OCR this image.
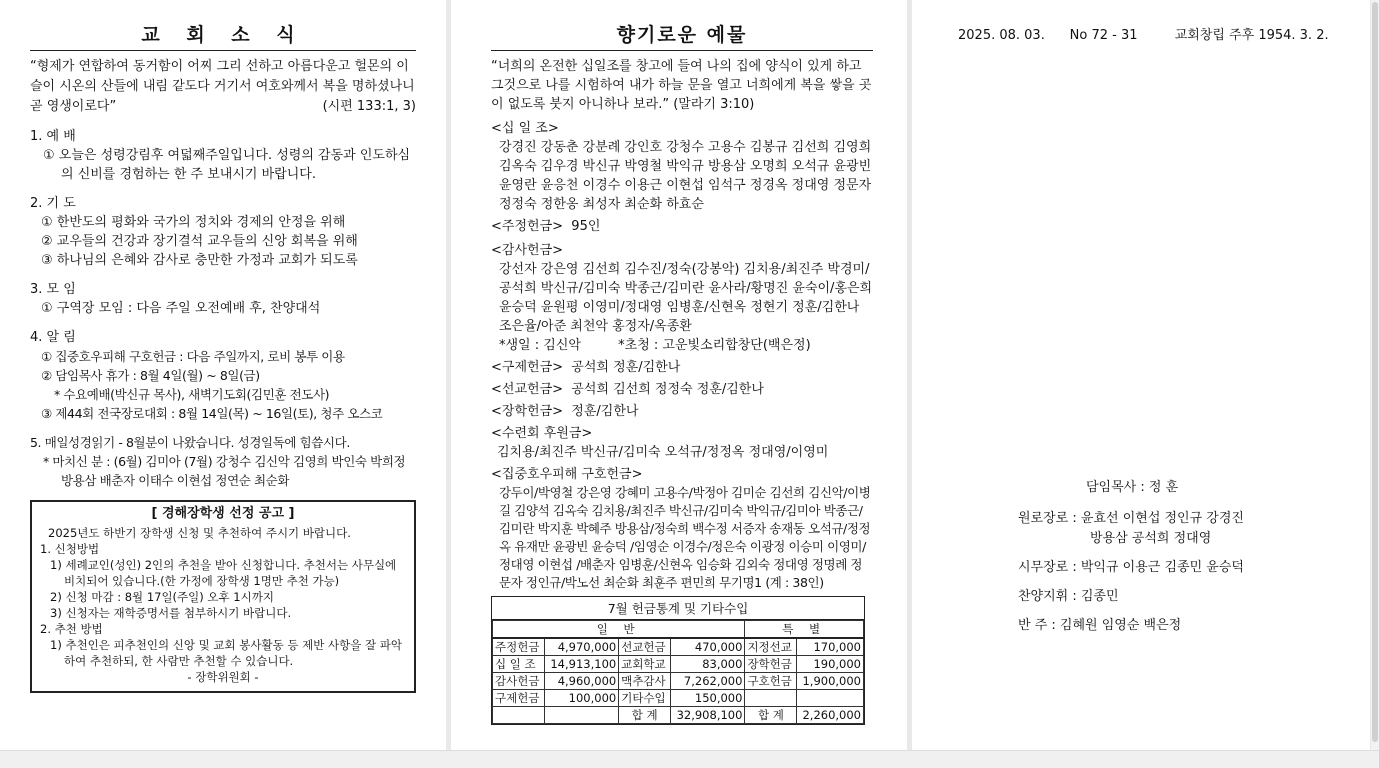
교 회 소 식
“형제가 연합하여 동거함이 어찌 그리 선하고 아름다운고 헐몬의 이슬이 시온의 산들에 내림 같도다 거기서 여호와께서 복을 명하셨나니 곧 영생이로다”	(시편 133:1, 3)
1. 예 배
① 오늘은 성령강림후 여덟째주일입니다. 성령의 감동과 인도하심의 신비를 경험하는 한 주 보내시기 바랍니다.
2. 기 도
① 한반도의 평화와 국가의 정치와 경제의 안정을 위해
② 교우들의 건강과 장기결석 교우들의 신앙 회복을 위해
③ 하나님의 은혜와 감사로 충만한 가정과 교회가 되도록
3. 모 임
① 구역장 모임 : 다음 주일 오전예배 후, 찬양대석
4. 알 림
① 집중호우피해 구호헌금 : 다음 주일까지, 로비 봉투 이용
② 담임목사 휴가 : 8월 4일(월) ~ 8일(금)
* 수요예배(박신규 목사), 새벽기도회(김민훈 전도사)
③ 제44회 전국장로대회 : 8월 14일(목) ~ 16일(토), 청주 오스코
5. 매일성경읽기 - 8월분이 나왔습니다. 성경일독에 힘씁시다.
* 마치신 분 : (6월) 김미아 (7월) 강청수 김신악 김영희 박인숙 박희정 방용삼 배춘자 이태수 이현섭 정연순 최순화
[ 경해장학생 선정 공고 ]
2025년도 하반기 장학생 신청 및 추천하여 주시기 바랍니다.
1. 신청방법
1) 세례교인(성인) 2인의 추천을 받아 신청합니다. 추천서는 사무실에 비치되어 있습니다.(한 가정에 장학생 1명만 추천 가능)
2) 신청 마감 : 8월 17일(주일) 오후 1시까지
3) 신청자는 재학증명서를 첨부하시기 바랍니다.
2. 추천 방법
1) 추천인은 피추천인의 신앙 및 교회 봉사활동 등 제반 사항을 잘 파악하여 추천하되, 한 사람만 추천할 수 있습니다.
- 장학위원회 -
향기로운 예물
“너희의 온전한 십일조를 창고에 들여 나의 집에 양식이 있게 하고 그것으로 나를 시험하여 내가 하늘 문을 열고 너희에게 복을 쌓을 곳이 없도록 붓지 아니하나 보라.” (말라기 3:10)
<십 일 조>
강경진 강동춘 강분례 강인호 강청수 고용수 김봉규 김선희 김영희 김옥숙 김우경 박신규 박영철 박익규 방용삼 오명희 오석규 윤광빈 윤영란 윤응천 이경수 이용근 이현섭 임석구 정경옥 정대영 정문자 정정숙 정한옹 최성자 최순화 하효순
<주정헌금> 95인
<감사헌금>
강선자 강은영 김선희 김수진/정숙(강봉악) 김치용/최진주 박경미/공석희 박신규/김미숙 박종근/김미란 윤사라/황명진 윤숙이/홍은희 윤승덕 윤원평 이영미/정대영 임병훈/신현옥 정현기 정훈/김한나 조은율/아준 최천악 홍정자/옥종환
*생일 : 김신악	*초청 : 고운빛소리합창단(백은정)
<구제헌금> 공석희 정훈/김한나
<선교헌금> 공석희 김선희 정정숙 정훈/김한나
<장학헌금> 정훈/김한나
<수련회 후원금>
김치용/최진주 박신규/김미숙 오석규/정정옥 정대영/이영미
<집중호우피해 구호헌금>
강두이/박영철 강은영 강혜미 고용수/박정아 김미순 김선희 김신악/이병길 김양석 김옥숙 김치용/최진주 박신규/김미숙 박익규/김미아 박종근/김미란 박지훈 박혜주 방용삼/정숙희 백수정 서증자 송재동 오석규/정정옥 유재만 윤광빈 윤승덕 /임영순 이경수/정은숙 이광정 이승미 이영미/정대영 이현섭 /배춘자 임병훈/신현옥 임승화 김외숙 정대영 정명례 정문자 정인규/박노선 최순화 최훈주 편민희 무기명1 (계 : 38인)
7월 헌금통계 및 기타수입
일 반				특 별	
주정헌금	4,970,000	선교헌금	470,000	지정선교	170,000
십 일 조	14,913,100	교회학교	83,000	장학헌금	190,000
감사헌금	4,960,000	맥추감사	7,262,000	구호헌금	1,900,000
구제헌금	100,000	기타수입	150,000		
		합 계	32,908,100	합 계	2,260,000
2025. 08. 03. No 72 - 31	교회창립 주후 1954. 3. 2.
담임목사 : 정 훈
원로장로 : 윤효선 이현섭 정인규 강경진
방용삼 공석희 정대영
시무장로 : 박익규 이용근 김종민 윤승덕
찬양지휘 : 김종민
반 주 : 김혜원 임영순 백은정
